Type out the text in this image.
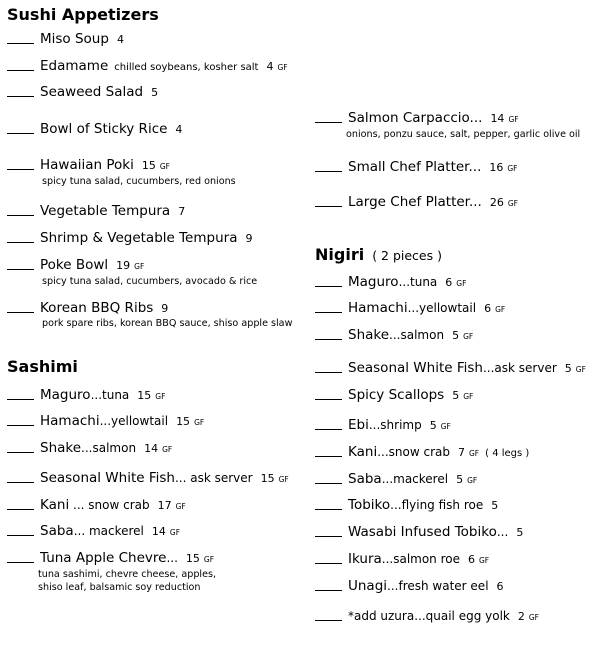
Sushi Appetizers
Miso Soup 4
Edamame chilled soybeans, kosher salt 4 GF
Seaweed Salad 5
Bowl of Sticky Rice 4
Hawaiian Poki 15 GF
spicy tuna salad, cucumbers, red onions
Vegetable Tempura 7
Shrimp & Vegetable Tempura 9
Poke Bowl 19 GF
spicy tuna salad, cucumbers, avocado & rice
Korean BBQ Ribs 9
pork spare ribs, korean BBQ sauce, shiso apple slaw
Sashimi
Maguro...tuna 15 GF
Hamachi...yellowtail 15 GF
Shake...salmon 14 GF
Seasonal White Fish... ask server 15 GF
Kani ... snow crab 17 GF
Saba... mackerel 14 GF
Tuna Apple Chevre... 15 GF
tuna sashimi, chevre cheese, apples,
shiso leaf, balsamic soy reduction
Salmon Carpaccio... 14 GF
onions, ponzu sauce, salt, pepper, garlic olive oil
Small Chef Platter... 16 GF
Large Chef Platter... 26 GF
Nigiri ( 2 pieces )
Maguro...tuna 6 GF
Hamachi...yellowtail 6 GF
Shake...salmon 5 GF
Seasonal White Fish...ask server 5 GF
Spicy Scallops 5 GF
Ebi...shrimp 5 GF
Kani...snow crab 7 GF ( 4 legs )
Saba...mackerel 5 GF
Tobiko...flying fish roe 5
Wasabi Infused Tobiko... 5
Ikura...salmon roe 6 GF
Unagi...fresh water eel 6
*add uzura...quail egg yolk 2 GF
